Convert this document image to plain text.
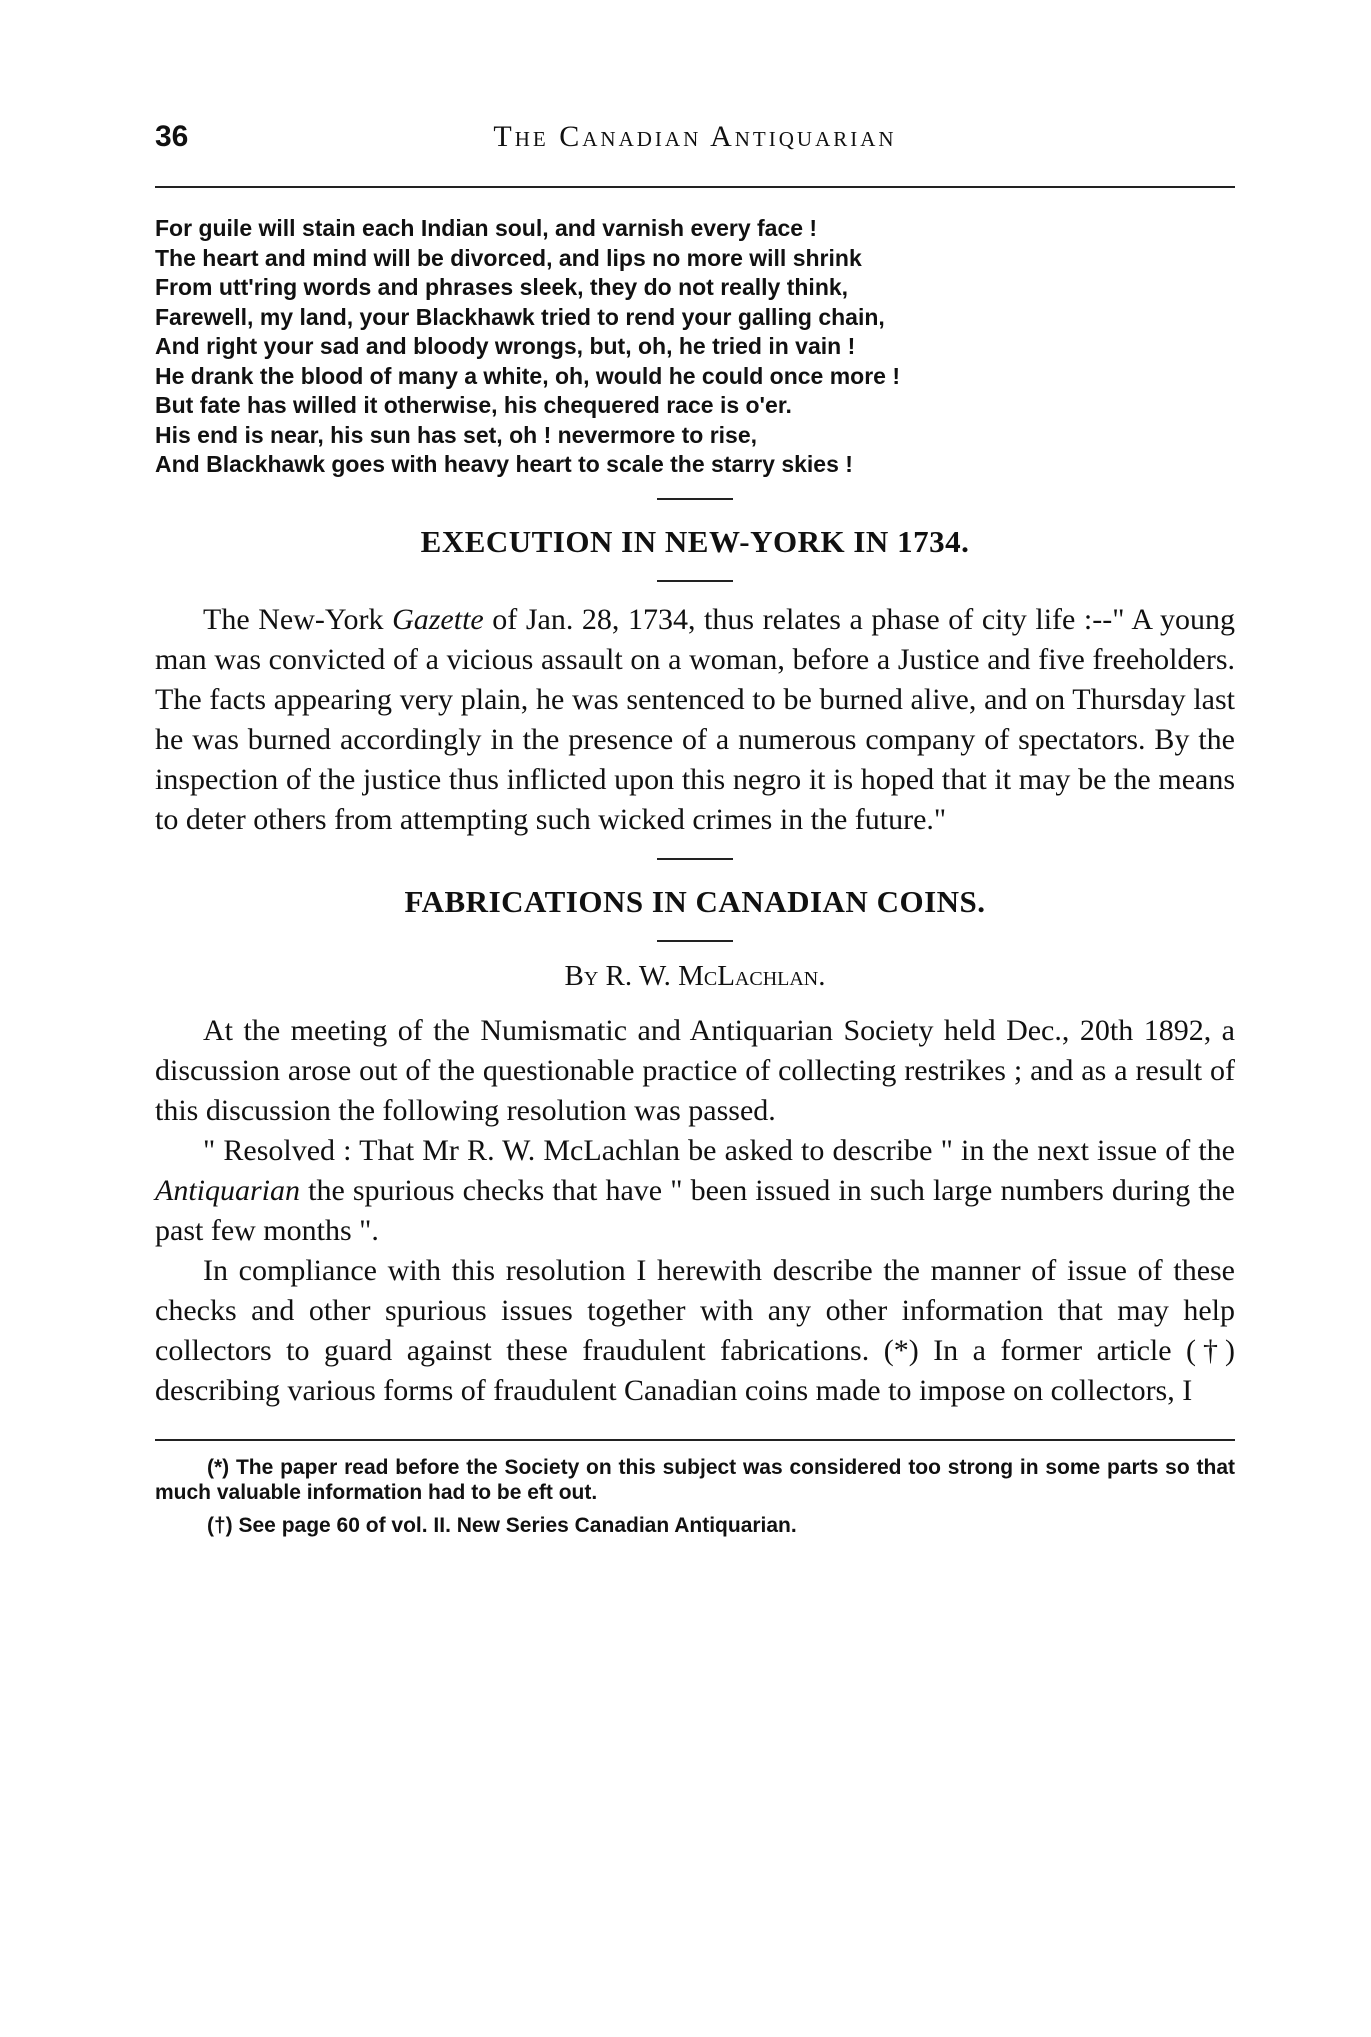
36	The Canadian Antiquarian
For guile will stain each Indian soul, and varnish every face !
The heart and mind will be divorced, and lips no more will shrink
From utt'ring words and phrases sleek, they do not really think,
Farewell, my land, your Blackhawk tried to rend your galling chain,
And right your sad and bloody wrongs, but, oh, he tried in vain !
He drank the blood of many a white, oh, would he could once more !
But fate has willed it otherwise, his chequered race is o'er.
His end is near, his sun has set, oh ! nevermore to rise,
And Blackhawk goes with heavy heart to scale the starry skies !
EXECUTION IN NEW-YORK IN 1734.

The New-York Gazette of Jan. 28, 1734, thus relates a phase of city life :--" A young man was convicted of a vicious assault on a woman, before a Justice and five freeholders. The facts appearing very plain, he was sentenced to be burned alive, and on Thursday last he was burned accordingly in the presence of a numerous company of spectators. By the inspection of the justice thus inflicted upon this negro it is hoped that it may be the means to deter others from attempting such wicked crimes in the future."

FABRICATIONS IN CANADIAN COINS.
By R. W. McLachlan.

At the meeting of the Numismatic and Antiquarian Society held Dec., 20th 1892, a discussion arose out of the questionable practice of collecting restrikes ; and as a result of this discussion the following resolution was passed.

" Resolved : That Mr R. W. McLachlan be asked to describe " in the next issue of the Antiquarian the spurious checks that have " been issued in such large numbers during the past few months ".

In compliance with this resolution I herewith describe the manner of issue of these checks and other spurious issues together with any other information that may help collectors to guard against these fraudulent fabrications. (*) In a former article (†) describing various forms of fraudulent Canadian coins made to impose on collectors, I

(*) The paper read before the Society on this subject was considered too strong in some parts so that much valuable information had to be eft out.

(†) See page 60 of vol. II. New Series Canadian Antiquarian.
